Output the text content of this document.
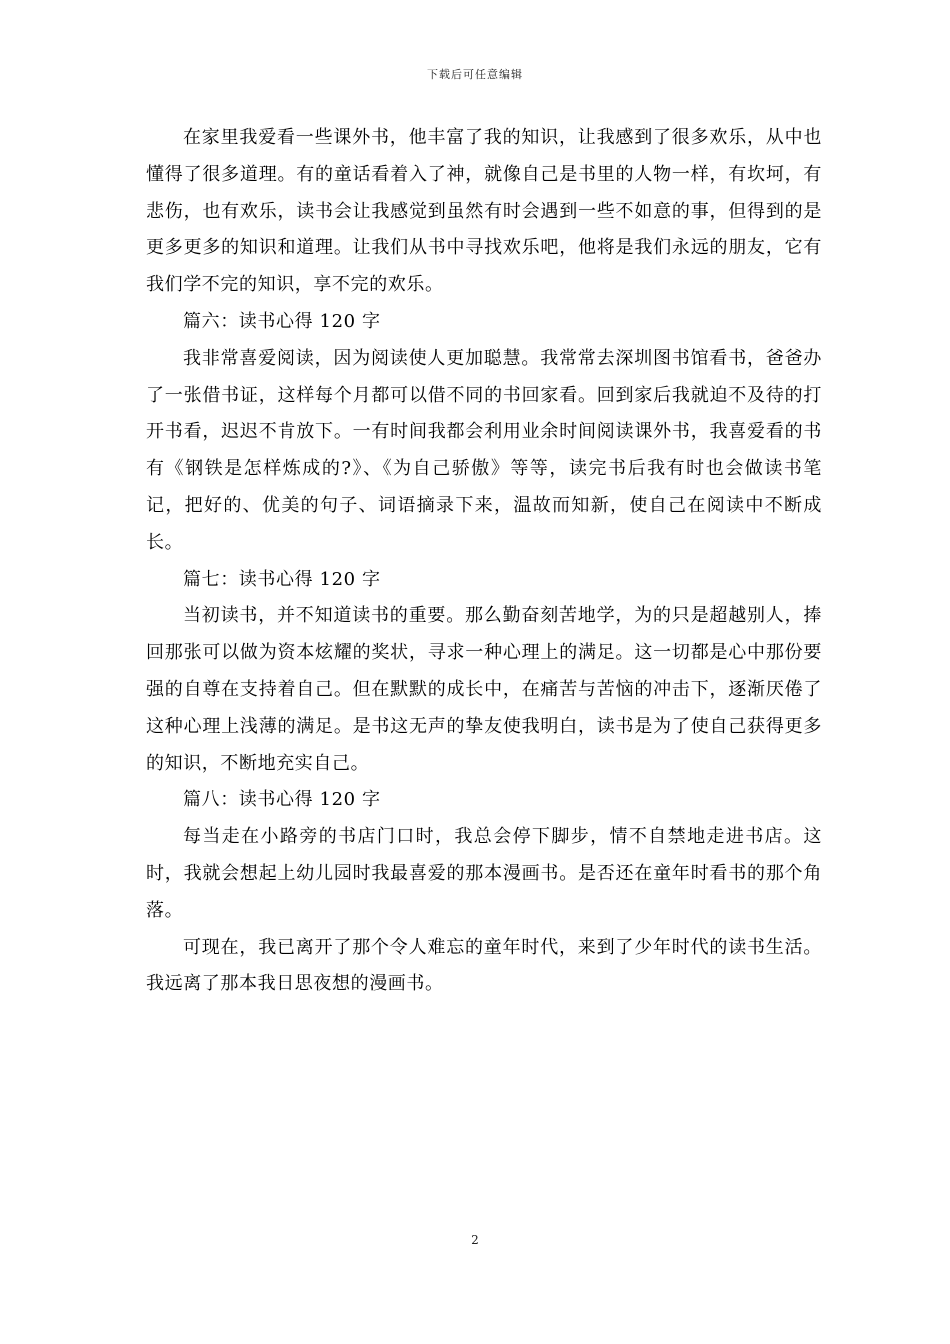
下载后可任意编辑

在家里我爱看一些课外书，他丰富了我的知识，让我感到了很多欢乐，从中也懂得了很多道理。有的童话看着入了神，就像自己是书里的人物一样，有坎坷，有悲伤，也有欢乐，读书会让我感觉到虽然有时会遇到一些不如意的事，但得到的是更多更多的知识和道理。让我们从书中寻找欢乐吧，他将是我们永远的朋友，它有我们学不完的知识，享不完的欢乐。

篇六：读书心得 120 字

我非常喜爱阅读，因为阅读使人更加聪慧。我常常去深圳图书馆看书，爸爸办了一张借书证，这样每个月都可以借不同的书回家看。回到家后我就迫不及待的打开书看，迟迟不肯放下。一有时间我都会利用业余时间阅读课外书，我喜爱看的书有《钢铁是怎样炼成的?》、《为自己骄傲》等等，读完书后我有时也会做读书笔记，把好的、优美的句子、词语摘录下来，温故而知新，使自己在阅读中不断成长。

篇七：读书心得 120 字

当初读书，并不知道读书的重要。那么勤奋刻苦地学，为的只是超越别人，捧回那张可以做为资本炫耀的奖状，寻求一种心理上的满足。这一切都是心中那份要强的自尊在支持着自己。但在默默的成长中，在痛苦与苦恼的冲击下，逐渐厌倦了这种心理上浅薄的满足。是书这无声的挚友使我明白，读书是为了使自己获得更多的知识，不断地充实自己。

篇八：读书心得 120 字

每当走在小路旁的书店门口时，我总会停下脚步，情不自禁地走进书店。这时，我就会想起上幼儿园时我最喜爱的那本漫画书。是否还在童年时看书的那个角落。

可现在，我已离开了那个令人难忘的童年时代，来到了少年时代的读书生活。我远离了那本我日思夜想的漫画书。

2
